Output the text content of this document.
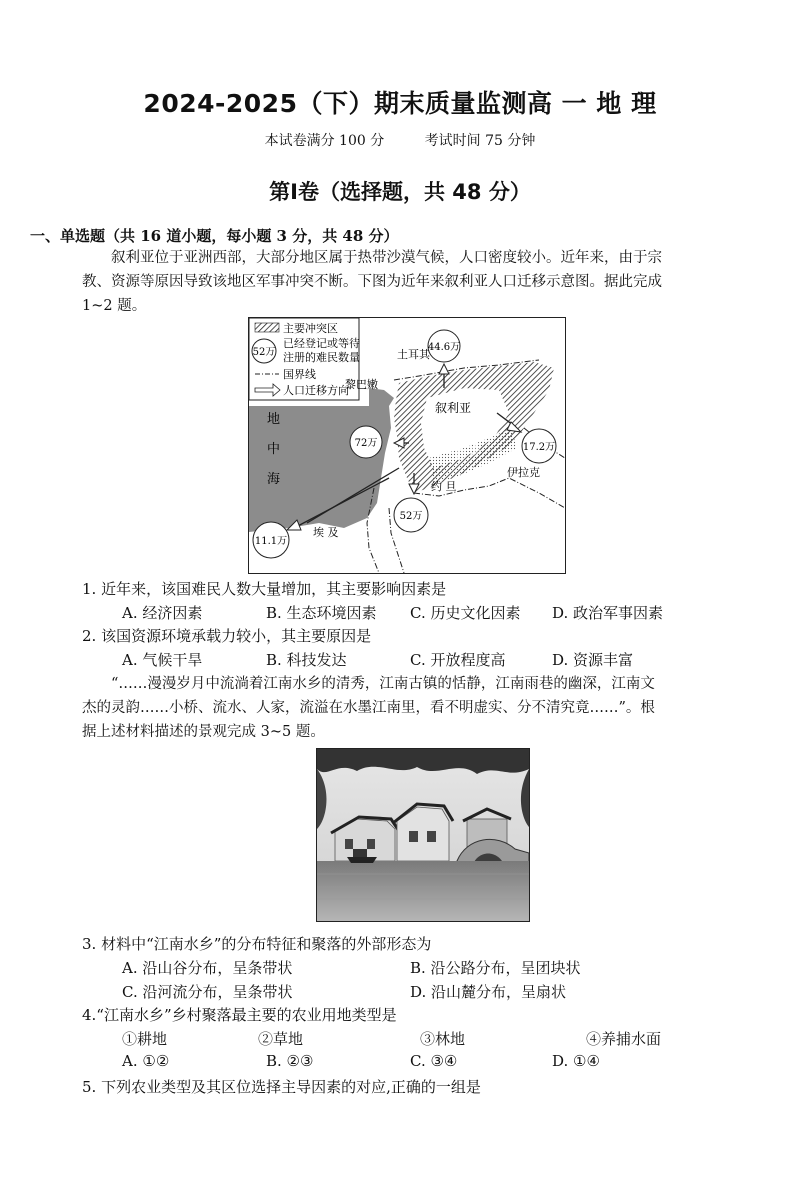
2024-2025（下）期末质量监测高 一 地 理
本试卷满分 100 分	考试时间 75 分钟
第Ⅰ卷（选择题，共 48 分）
一、单选题（共 16 道小题，每小题 3 分，共 48 分）
叙利亚位于亚洲西部，大部分地区属于热带沙漠气候，人口密度较小。近年来，由于宗
教、资源等原因导致该地区军事冲突不断。下图为近年来叙利亚人口迁移示意图。据此完成
1~2 题。
主要冲突区
52万
已经登记或等待
注册的难民数量
国界线
人口迁移方向
土耳其
黎巴嫩
地
中
海
叙利亚
沙 漠
伊拉克
约 旦
埃 及
44.6万
72万	17.2万
52万
11.1万
1. 近年来，该国难民人数大量增加，其主要影响因素是
A. 经济因素	B. 生态环境因素 C. 历史文化因素 D. 政治军事因素
2. 该国资源环境承载力较小，其主要原因是
A. 气候干旱	B. 科技发达	C. 开放程度高	D. 资源丰富
“……漫漫岁月中流淌着江南水乡的清秀，江南古镇的恬静，江南雨巷的幽深，江南文
杰的灵韵……小桥、流水、人家，流溢在水墨江南里，看不明虚实、分不清究竟……”。根
据上述材料描述的景观完成 3~5 题。
3. 材料中“江南水乡”的分布特征和聚落的外部形态为
A. 沿山谷分布，呈条带状	B. 沿公路分布，呈团块状
C. 沿河流分布，呈条带状	D. 沿山麓分布，呈扇状
4.“江南水乡”乡村聚落最主要的农业用地类型是
①耕地	②草地	③林地	④养捕水面
A. ①②	B. ②③	C. ③④	D. ①④
5. 下列农业类型及其区位选择主导因素的对应,正确的一组是
